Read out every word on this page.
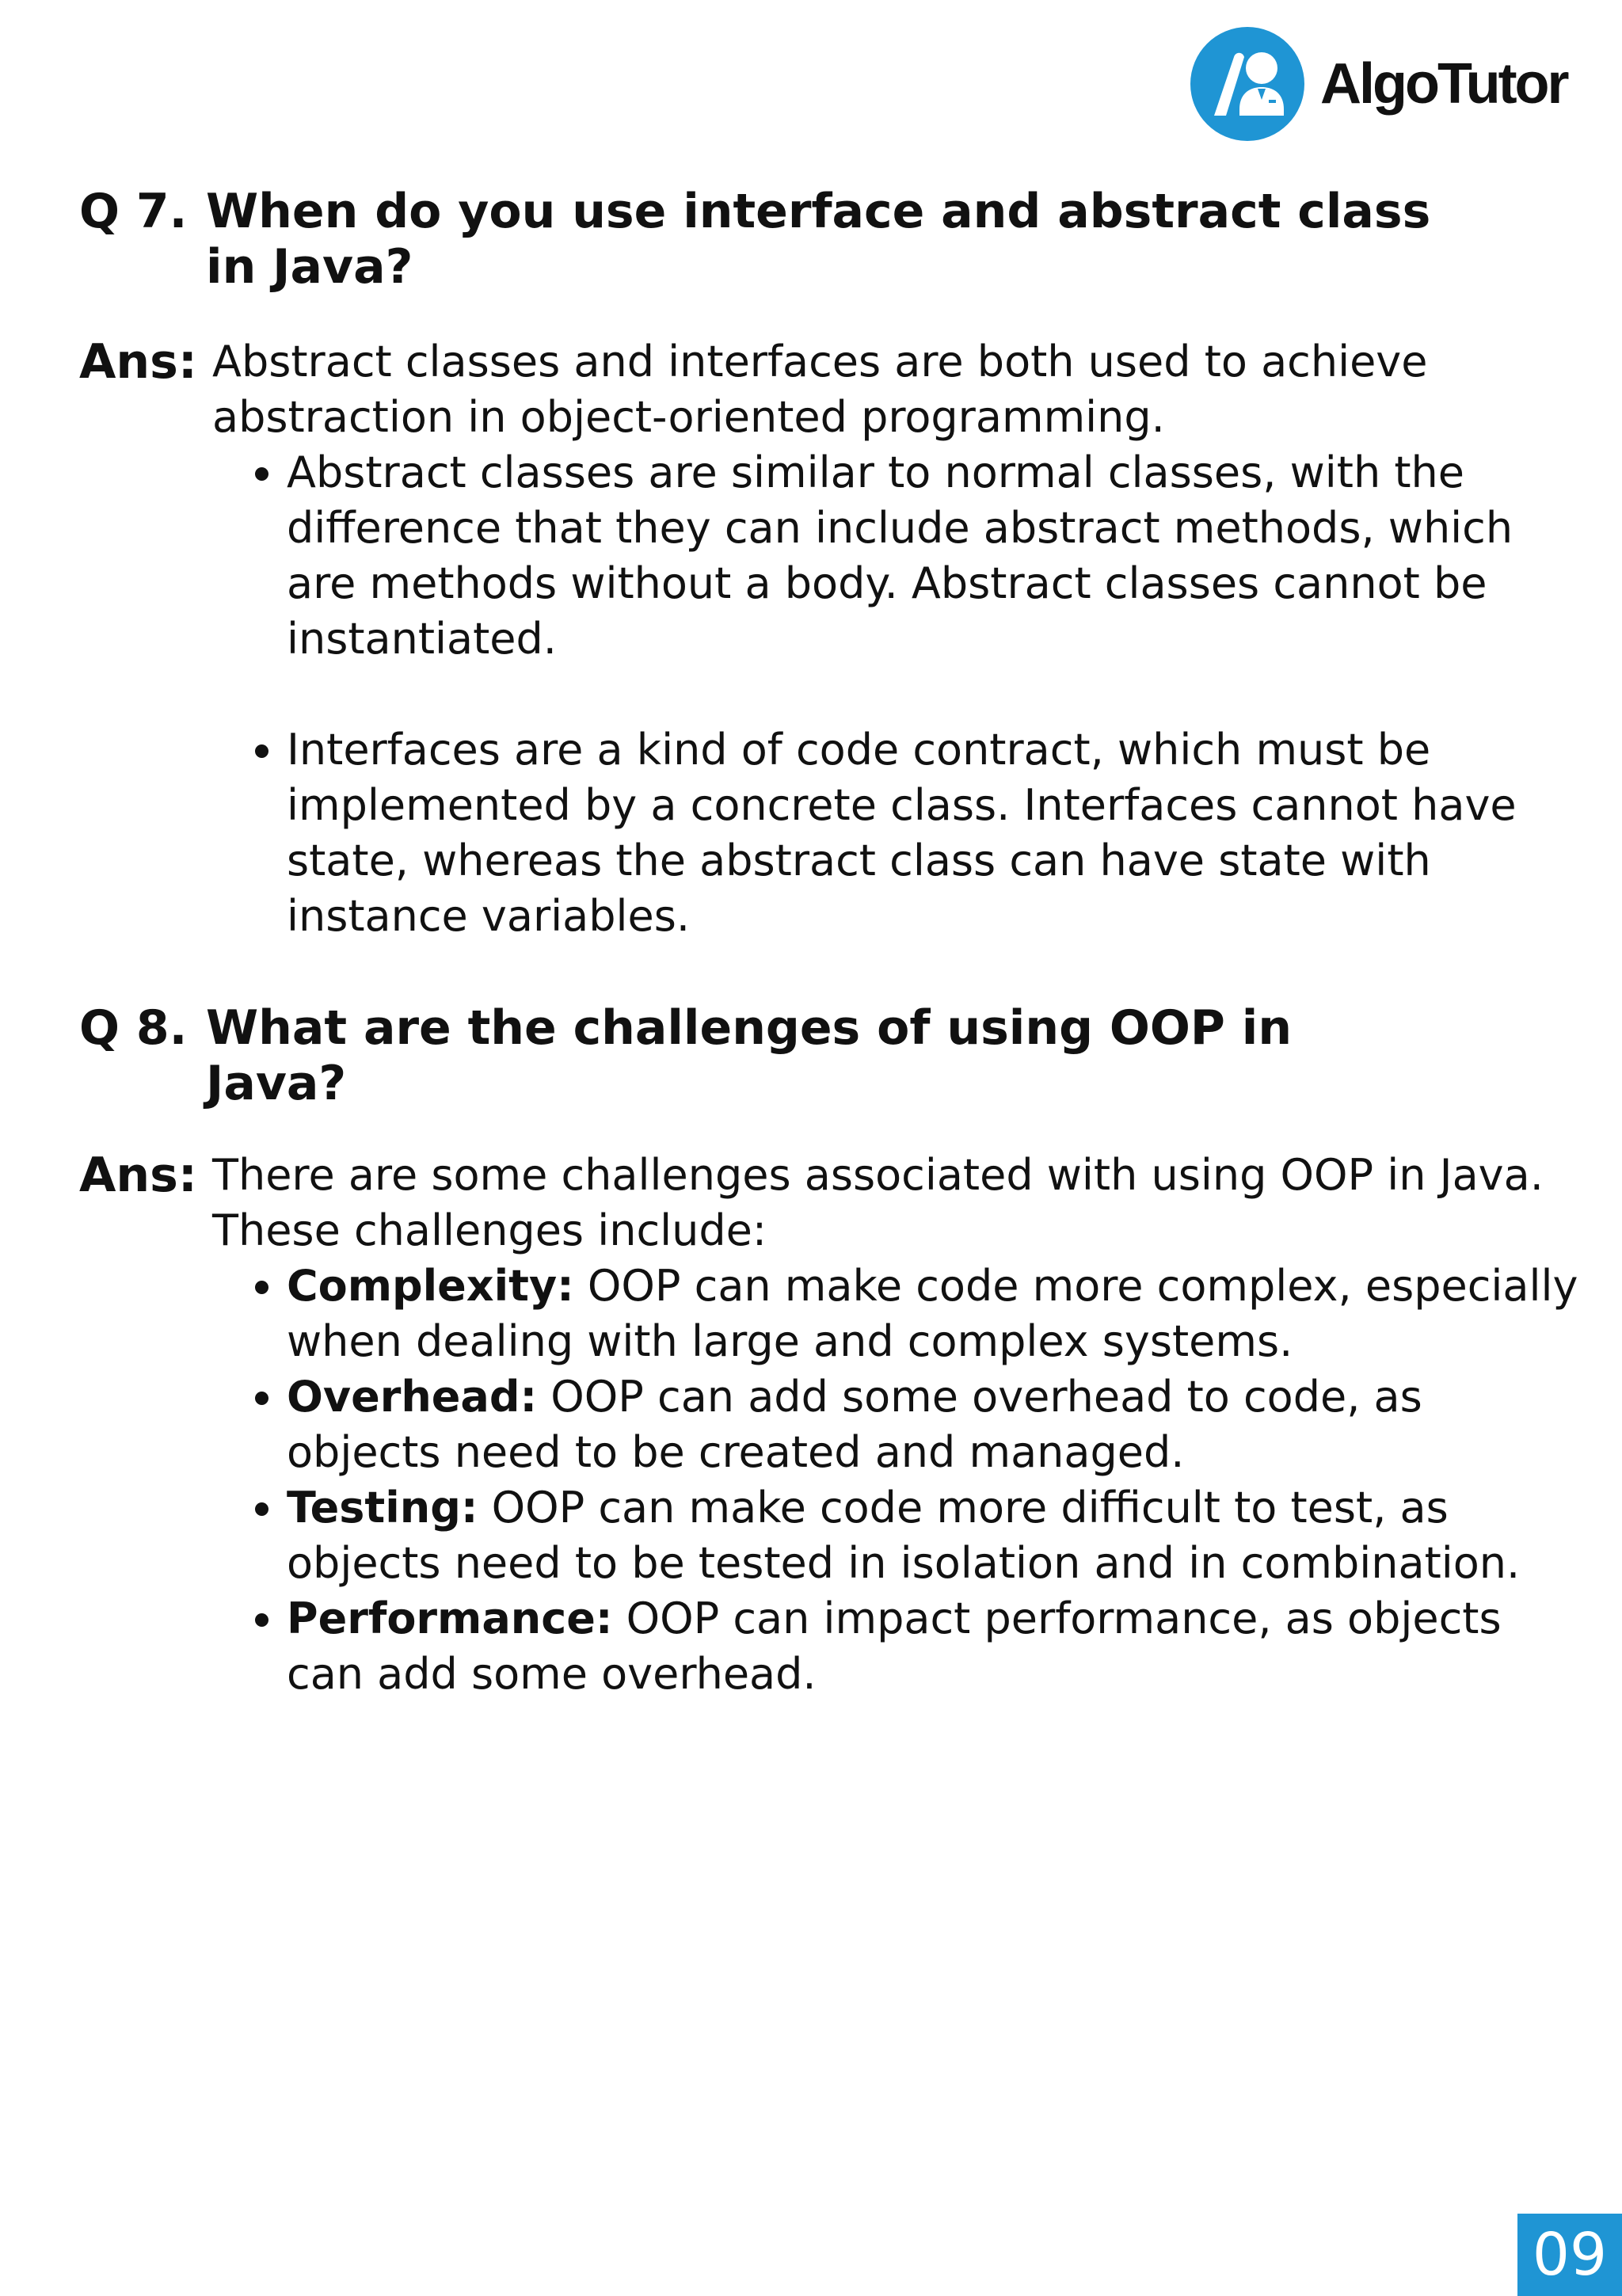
AlgoTutor
Q 7. When do you use interface and abstract class in Java?
Ans: Abstract classes and interfaces are both used to achieve abstraction in object-oriented programming.

• Abstract classes are similar to normal classes, with the difference that they can include abstract methods, which are methods without a body. Abstract classes cannot be instantiated.
• Interfaces are a kind of code contract, which must be implemented by a concrete class. Interfaces cannot have state, whereas the abstract class can have state with instance variables.
Q 8. What are the challenges of using OOP in Java?
Ans: There are some challenges associated with using OOP in Java. These challenges include:

• Complexity: OOP can make code more complex, especially when dealing with large and complex systems.
• Overhead: OOP can add some overhead to code, as objects need to be created and managed.
• Testing: OOP can make code more difficult to test, as objects need to be tested in isolation and in combination.
• Performance: OOP can impact performance, as objects can add some overhead.
09
